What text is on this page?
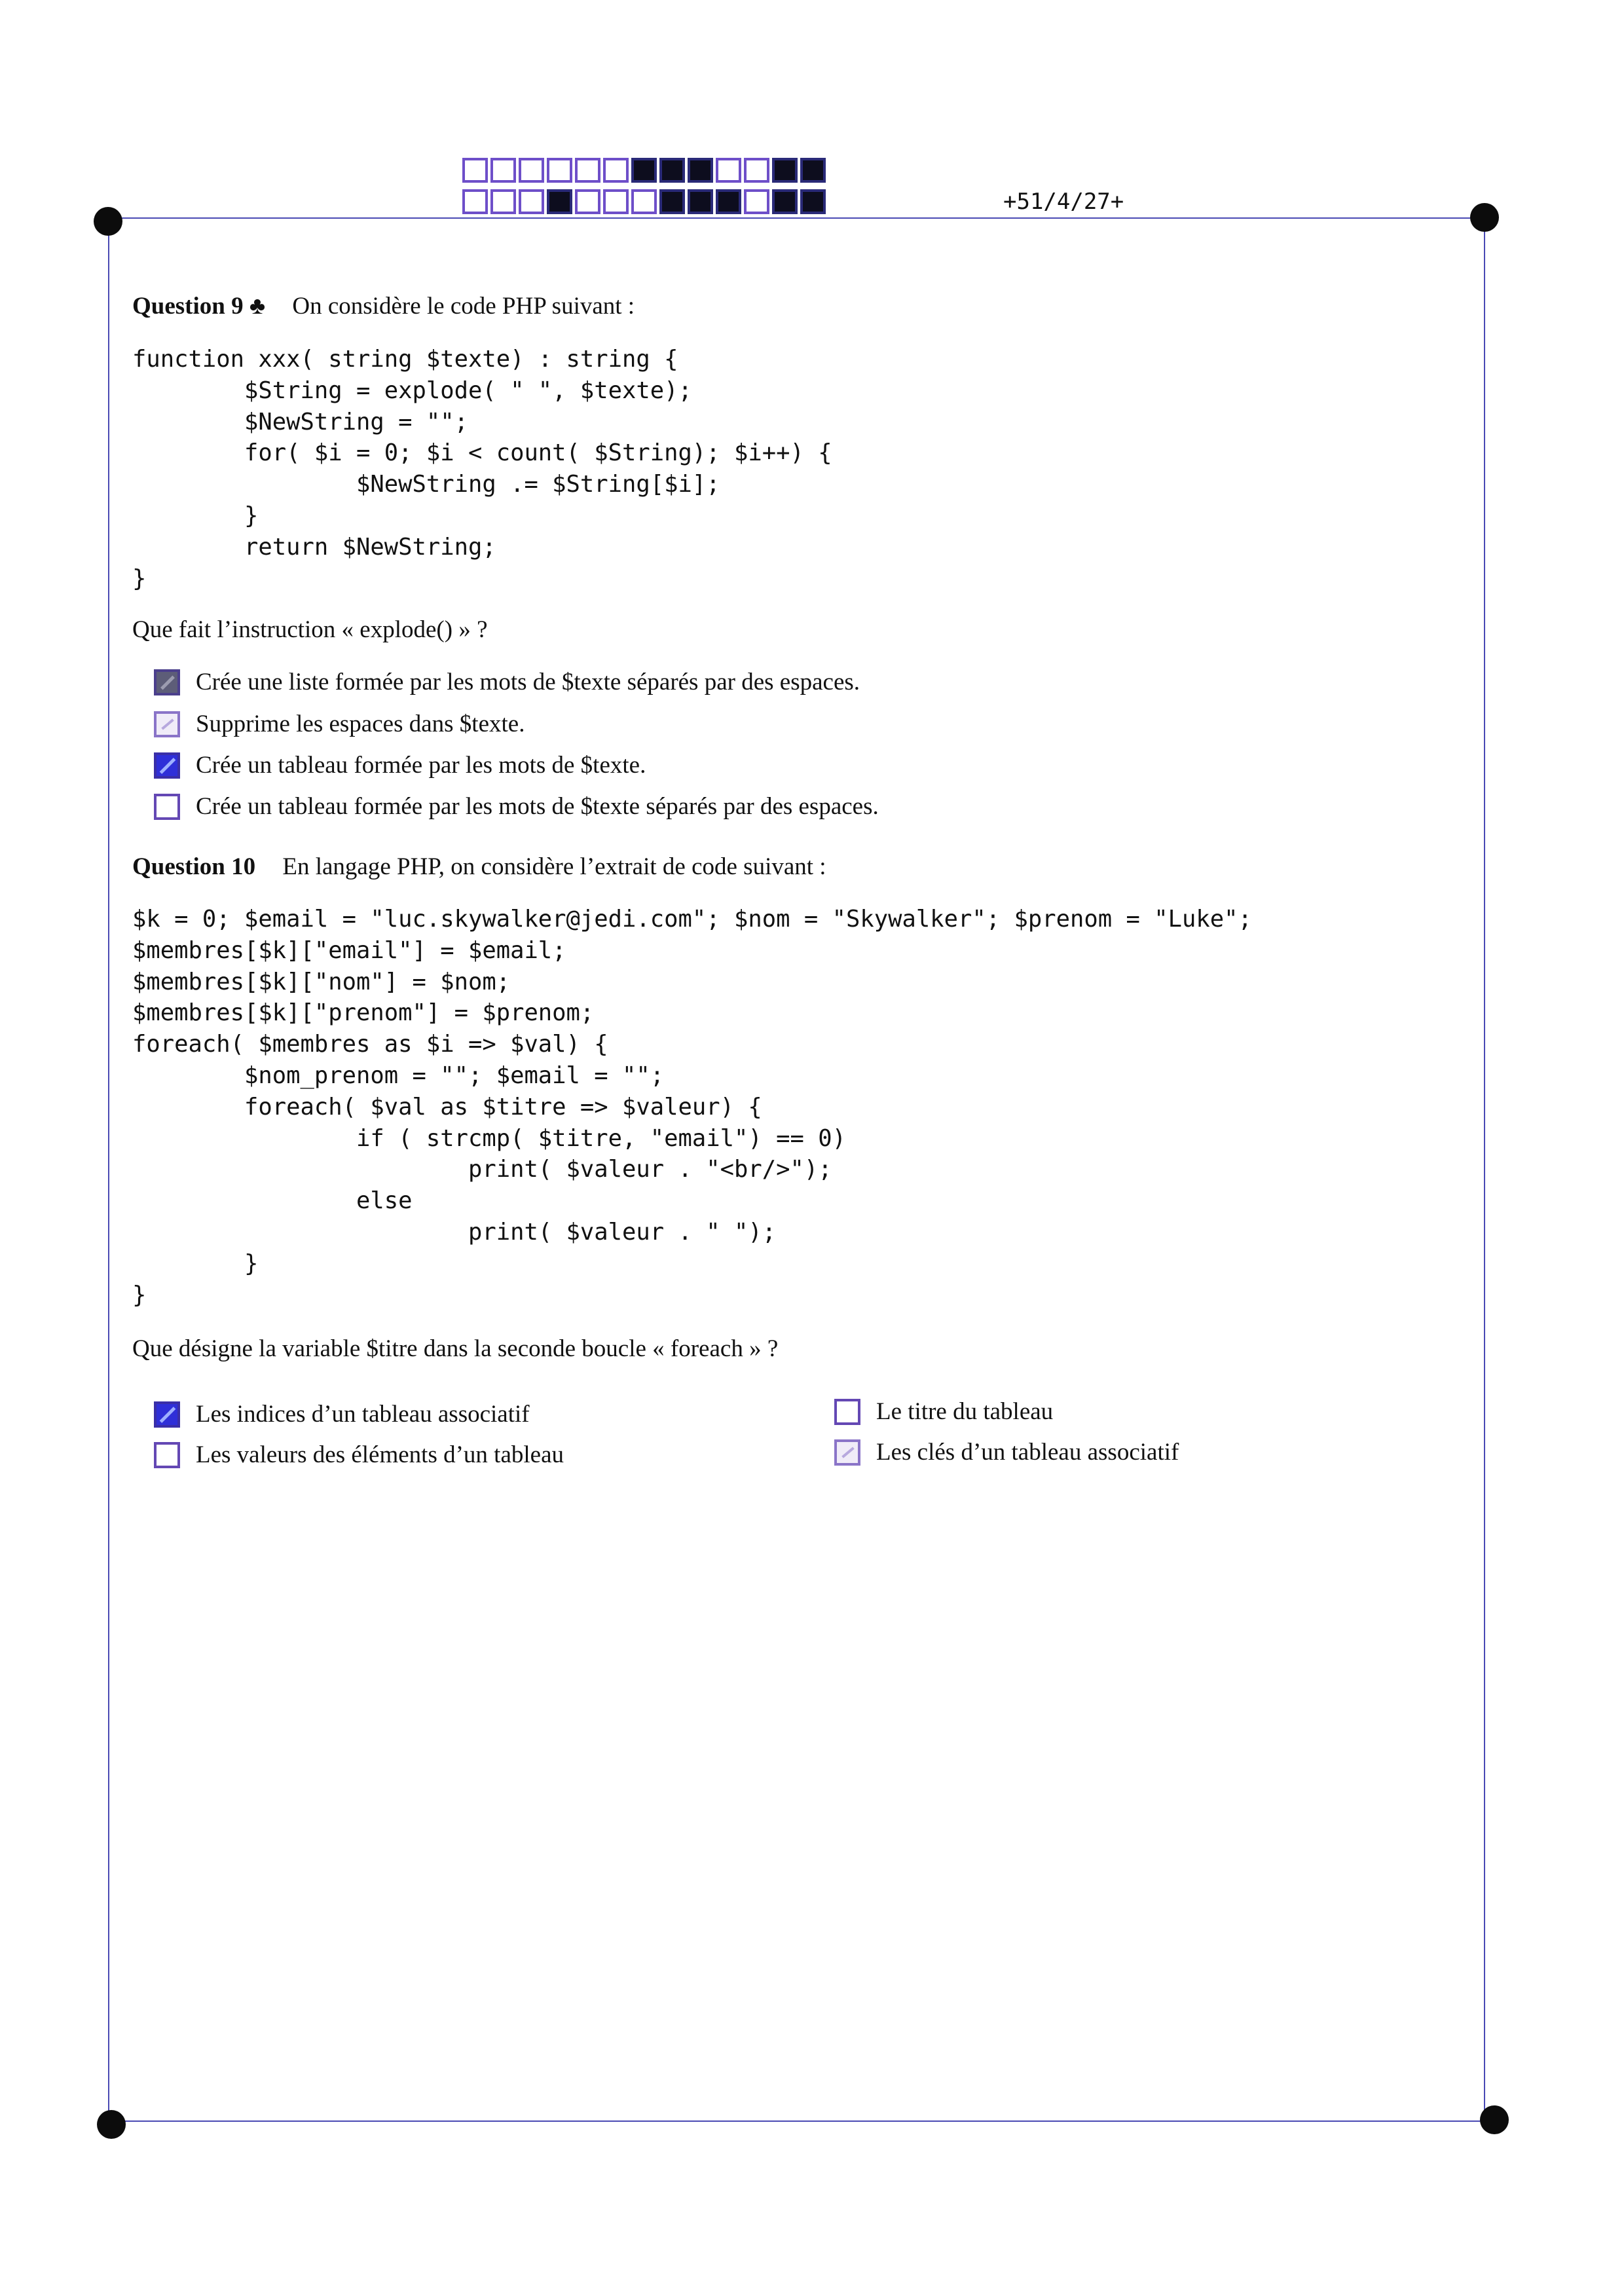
+51/4/27+
Question 9 ♣ On considère le code PHP suivant :
function xxx( string $texte) : string {
$String = explode( " ", $texte);
$NewString = "";
for( $i = 0; $i < count( $String); $i++) {
$NewString .= $String[$i];
}
return $NewString;
}
Que fait l’instruction « explode() » ?
Crée une liste formée par les mots de $texte séparés par des espaces.
Supprime les espaces dans $texte.
Crée un tableau formée par les mots de $texte.
Crée un tableau formée par les mots de $texte séparés par des espaces.
Question 10 En langage PHP, on considère l’extrait de code suivant :
$k = 0; $email = "luc.skywalker@jedi.com"; $nom = "Skywalker"; $prenom = "Luke";
$membres[$k]["email"] = $email;
$membres[$k]["nom"] = $nom;
$membres[$k]["prenom"] = $prenom;
foreach( $membres as $i => $val) {
$nom_prenom = ""; $email = "";
foreach( $val as $titre => $valeur) {
if ( strcmp( $titre, "email") == 0)
print( $valeur . "<br/>");
else
print( $valeur . " ");
}
}
Que désigne la variable $titre dans la seconde boucle « foreach » ?
Les indices d’un tableau associatif
Les valeurs des éléments d’un tableau
Le titre du tableau
Les clés d’un tableau associatif
